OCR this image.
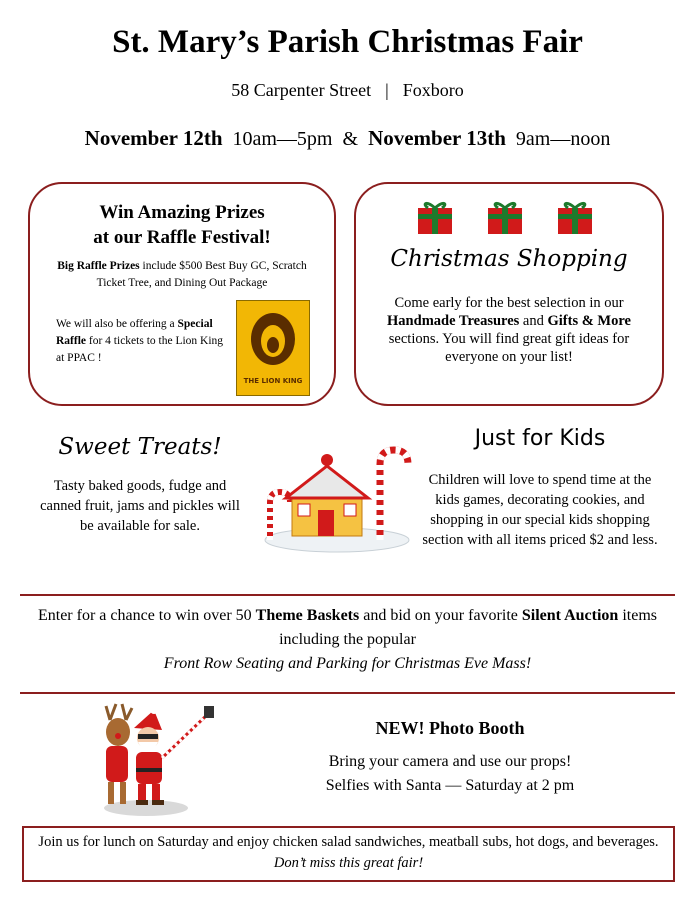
St. Mary’s Parish Christmas Fair
58 Carpenter Street | Foxboro
November 12th 10am—5pm & November 13th 9am—noon
Win Amazing Prizes
at our Raffle Festival!
Big Raffle Prizes include $500 Best Buy GC, Scratch Ticket Tree, and Dining Out Package
We will also be offering a Special Raffle for 4 tickets to the Lion King at PPAC !
THE LION KING
Christmas Shopping
Come early for the best selection in our Handmade Treasures and Gifts & More sections. You will find great gift ideas for everyone on your list!
Sweet Treats!
Tasty baked goods, fudge and canned fruit, jams and pickles will be available for sale.
Just for Kids
Children will love to spend time at the kids games, decorating cookies, and shopping in our special kids shopping section with all items priced $2 and less.
Enter for a chance to win over 50 Theme Baskets and bid on your favorite Silent Auction items including the popular
Front Row Seating and Parking for Christmas Eve Mass!
NEW! Photo Booth
Bring your camera and use our props!
Selfies with Santa — Saturday at 2 pm
Join us for lunch on Saturday and enjoy chicken salad sandwiches, meatball subs, hot dogs, and beverages. Don’t miss this great fair!
